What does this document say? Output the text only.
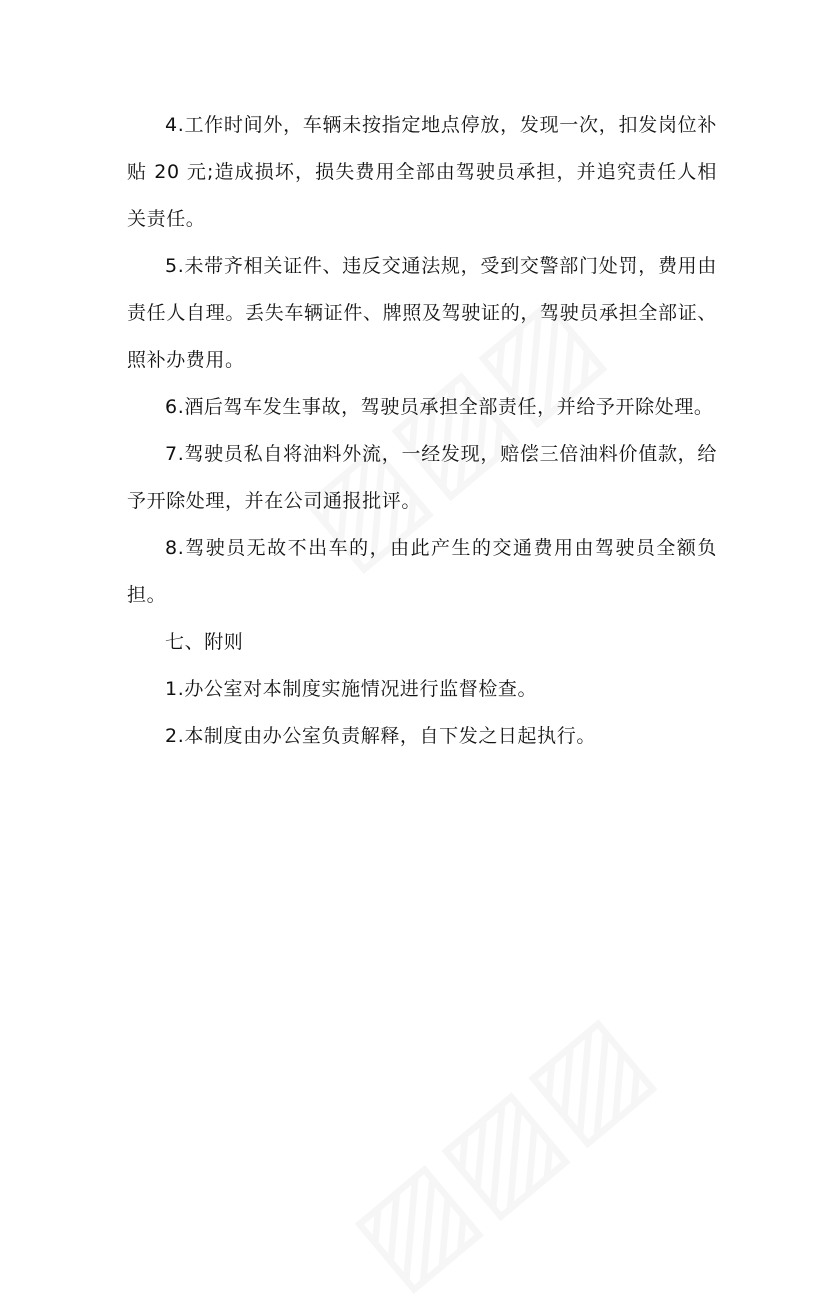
4.工作时间外，车辆未按指定地点停放，发现一次，扣发岗位补贴 20 元;造成损坏，损失费用全部由驾驶员承担，并追究责任人相关责任。

5.未带齐相关证件、违反交通法规，受到交警部门处罚，费用由责任人自理。丢失车辆证件、牌照及驾驶证的，驾驶员承担全部证、照补办费用。

6.酒后驾车发生事故，驾驶员承担全部责任，并给予开除处理。

7.驾驶员私自将油料外流，一经发现，赔偿三倍油料价值款，给予开除处理，并在公司通报批评。

8.驾驶员无故不出车的，由此产生的交通费用由驾驶员全额负担。

七、附则

1.办公室对本制度实施情况进行监督检查。

2.本制度由办公室负责解释，自下发之日起执行。
